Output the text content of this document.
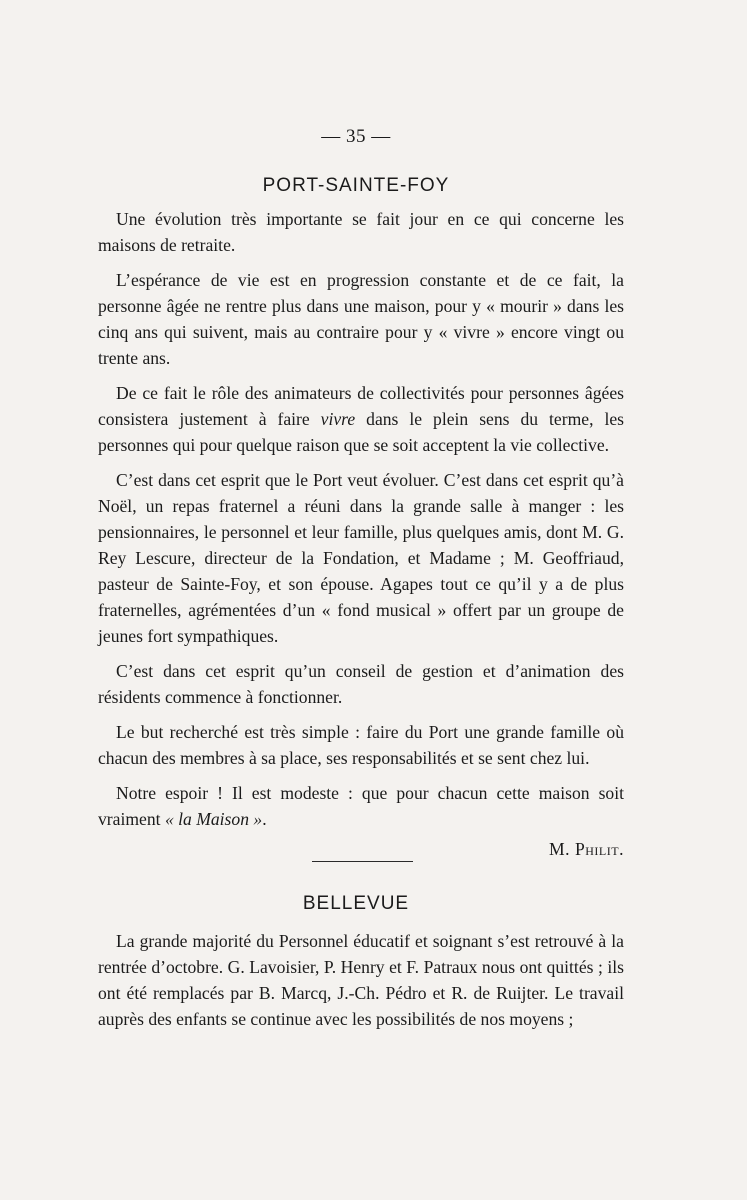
— 35 —
PORT-SAINTE-FOY

Une évolution très importante se fait jour en ce qui concerne les maisons de retraite.

L’espérance de vie est en progression constante et de ce fait, la personne âgée ne rentre plus dans une maison, pour y « mourir » dans les cinq ans qui suivent, mais au contraire pour y « vivre » encore vingt ou trente ans.

De ce fait le rôle des animateurs de collectivités pour personnes âgées consistera justement à faire vivre dans le plein sens du terme, les personnes qui pour quelque raison que se soit acceptent la vie collective.

C’est dans cet esprit que le Port veut évoluer. C’est dans cet esprit qu’à Noël, un repas fraternel a réuni dans la grande salle à manger : les pensionnaires, le personnel et leur famille, plus quelques amis, dont M. G. Rey Lescure, directeur de la Fondation, et Madame ; M. Geoffriaud, pasteur de Sainte-Foy, et son épouse. Agapes tout ce qu’il y a de plus fraternelles, agrémentées d’un « fond musical » offert par un groupe de jeunes fort sympathiques.

C’est dans cet esprit qu’un conseil de gestion et d’animation des résidents commence à fonctionner.

Le but recherché est très simple : faire du Port une grande famille où chacun des membres à sa place, ses responsabilités et se sent chez lui.

Notre espoir ! Il est modeste : que pour chacun cette maison soit vraiment « la Maison ».

M. Philit.

BELLEVUE

La grande majorité du Personnel éducatif et soignant s’est retrouvé à la rentrée d’octobre. G. Lavoisier, P. Henry et F. Patraux nous ont quittés ; ils ont été remplacés par B. Marcq, J.-Ch. Pédro et R. de Ruijter. Le travail auprès des enfants se continue avec les possibilités de nos moyens ;
